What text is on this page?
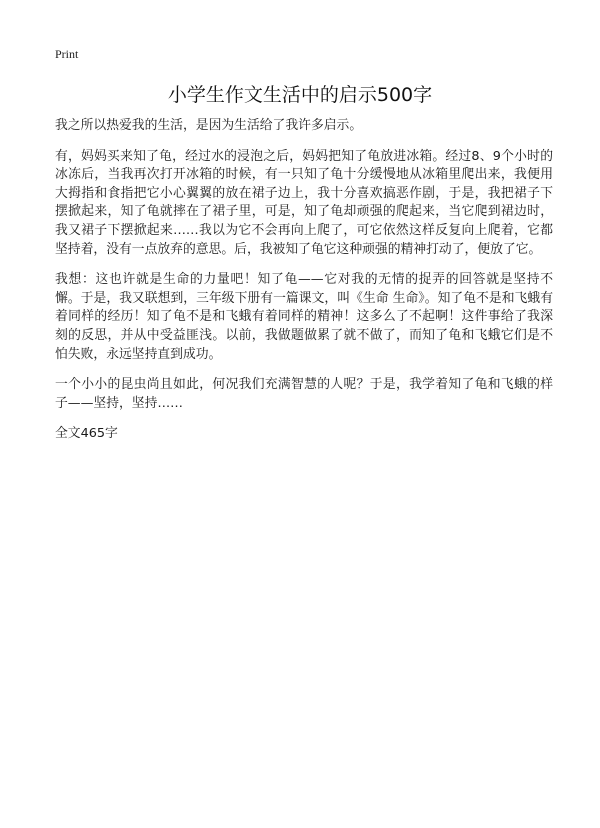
Print
小学生作文生活中的启示500字

我之所以热爱我的生活，是因为生活给了我许多启示。

有，妈妈买来知了龟，经过水的浸泡之后，妈妈把知了龟放进冰箱。经过8、9个小时的冰冻后，当我再次打开冰箱的时候，有一只知了龟十分缓慢地从冰箱里爬出来，我便用大拇指和食指把它小心翼翼的放在裙子边上，我十分喜欢搞恶作剧，于是，我把裙子下摆掀起来，知了龟就摔在了裙子里，可是，知了龟却顽强的爬起来，当它爬到裙边时，我又裙子下摆掀起来……我以为它不会再向上爬了，可它依然这样反复向上爬着，它都坚持着，没有一点放弃的意思。后，我被知了龟它这种顽强的精神打动了，便放了它。

我想：这也许就是生命的力量吧！知了龟——它对我的无情的捉弄的回答就是坚持不懈。于是，我又联想到，三年级下册有一篇课文，叫《生命 生命》。知了龟不是和飞蛾有着同样的经历！知了龟不是和飞蛾有着同样的精神！这多么了不起啊！这件事给了我深刻的反思，并从中受益匪浅。以前，我做题做累了就不做了，而知了龟和飞蛾它们是不怕失败，永远坚持直到成功。

一个小小的昆虫尚且如此，何况我们充满智慧的人呢？于是，我学着知了龟和飞蛾的样子——坚持，坚持……

全文465字
